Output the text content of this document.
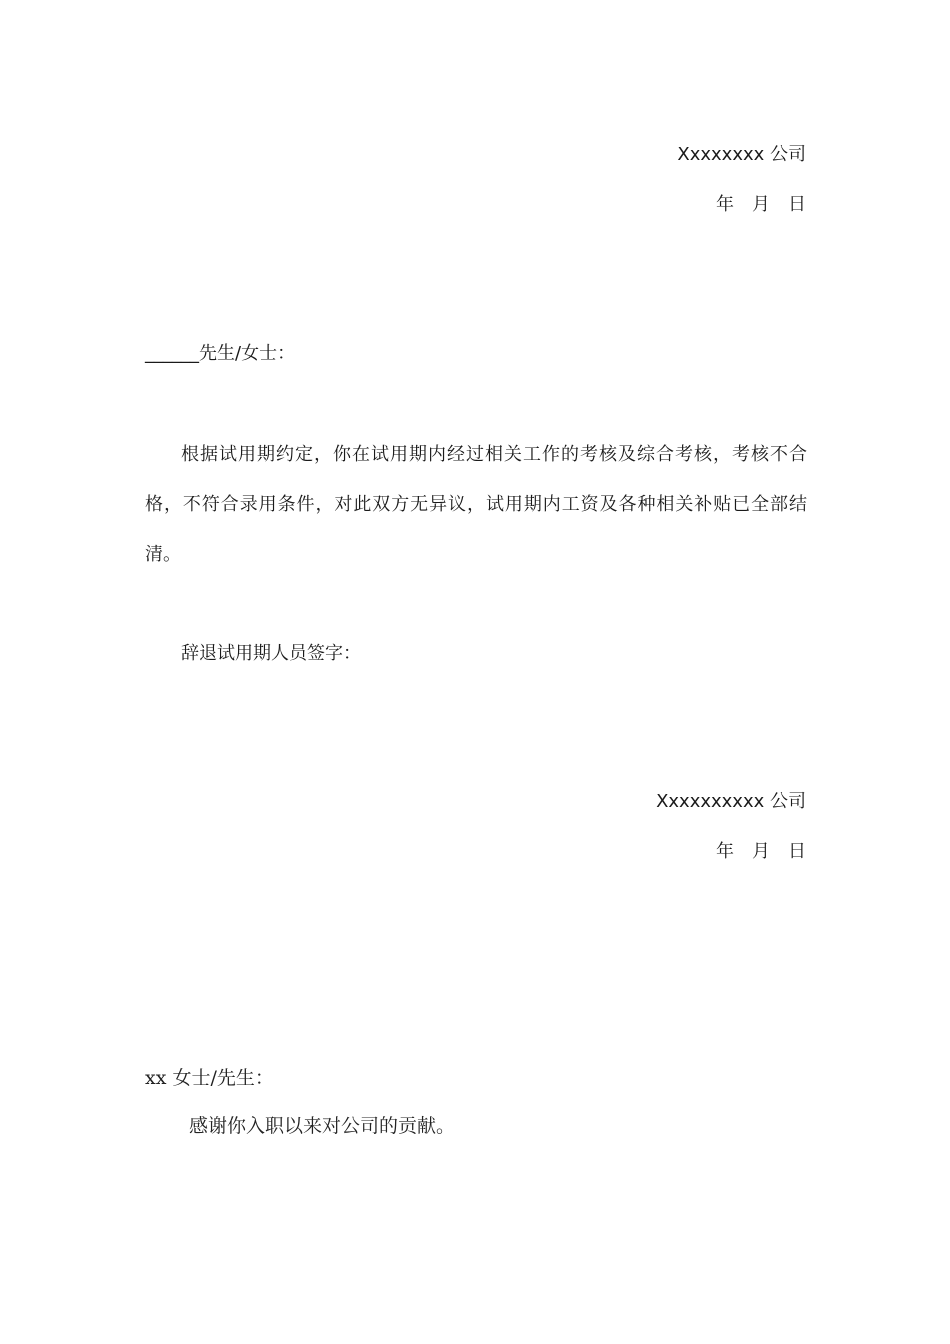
Xxxxxxxx 公司
年　月　日
______先生/女士：
根据试用期约定，你在试用期内经过相关工作的考核及综合考核，考核不合格，不符合录用条件，对此双方无异议，试用期内工资及各种相关补贴已全部结清。
辞退试用期人员签字：
Xxxxxxxxxx 公司
年　月　日
xx 女士/先生：
感谢你入职以来对公司的贡献。
